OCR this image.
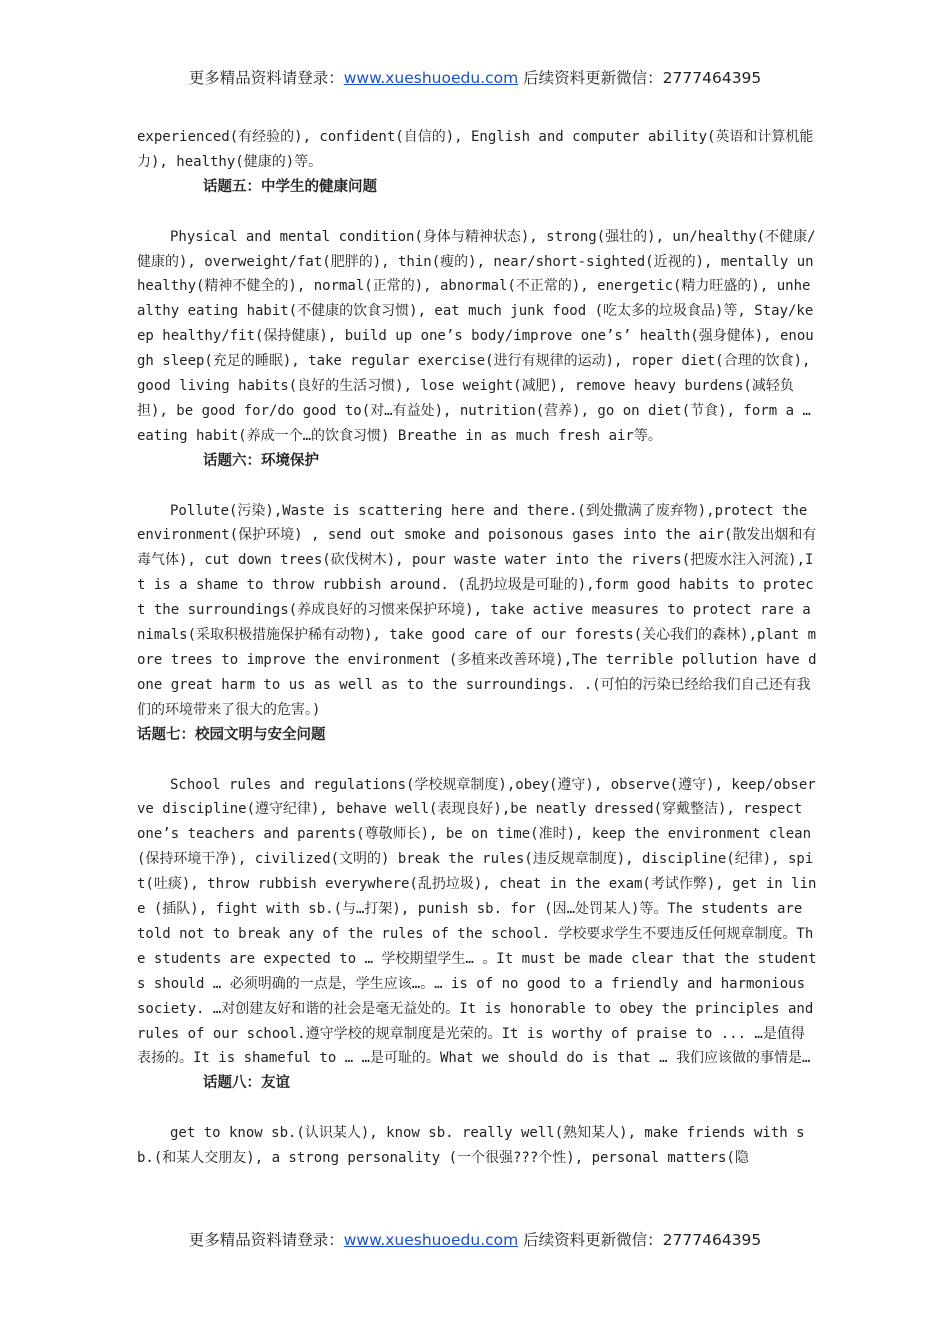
更多精品资料请登录：www.xueshuoedu.com 后续资料更新微信：2777464395

experienced(有经验的), confident(自信的), English and computer ability(英语和计算机能力), healthy(健康的)等。

话题五：中学生的健康问题

Physical and mental condition(身体与精神状态), strong(强壮的), un/healthy(不健康/健康的), overweight/fat(肥胖的), thin(瘦的), near/short-sighted(近视的), mentally unhealthy(精神不健全的), normal(正常的), abnormal(不正常的), energetic(精力旺盛的), unhealthy eating habit(不健康的饮食习惯), eat much junk food (吃太多的垃圾食品)等, Stay/keep healthy/fit(保持健康), build up one’s body/improve one’s’ health(强身健体), enough sleep(充足的睡眠), take regular exercise(进行有规律的运动), roper diet(合理的饮食), good living habits(良好的生活习惯), lose weight(减肥), remove heavy burdens(减轻负担), be good for/do good to(对…有益处), nutrition(营养), go on diet(节食), form a … eating habit(养成一个…的饮食习惯) Breathe in as much fresh air等。

话题六：环境保护

Pollute(污染),Waste is scattering here and there.(到处撒满了废弃物),protect the environment(保护环境) , send out smoke and poisonous gases into the air(散发出烟和有毒气体), cut down trees(砍伐树木), pour waste water into the rivers(把废水注入河流),It is a shame to throw rubbish around. (乱扔垃圾是可耻的),form good habits to protect the surroundings(养成良好的习惯来保护环境), take active measures to protect rare animals(采取积极措施保护稀有动物), take good care of our forests(关心我们的森林),plant more trees to improve the environment (多植来改善环境),The terrible pollution have done great harm to us as well as to the surroundings. .(可怕的污染已经给我们自己还有我们的环境带来了很大的危害。)

话题七：校园文明与安全问题

School rules and regulations(学校规章制度),obey(遵守), observe(遵守), keep/observe discipline(遵守纪律), behave well(表现良好),be neatly dressed(穿戴整洁), respect one’s teachers and parents(尊敬师长), be on time(准时), keep the environment clean(保持环境干净), civilized(文明的) break the rules(违反规章制度), discipline(纪律), spit(吐痰), throw rubbish everywhere(乱扔垃圾), cheat in the exam(考试作弊), get in line (插队), fight with sb.(与…打架), punish sb. for (因…处罚某人)等。The students are told not to break any of the rules of the school. 学校要求学生不要违反任何规章制度。The students are expected to … 学校期望学生… 。It must be made clear that the students should … 必须明确的一点是，学生应该…。… is of no good to a friendly and harmonious society. …对创建友好和谐的社会是毫无益处的。It is honorable to obey the principles and rules of our school.遵守学校的规章制度是光荣的。It is worthy of praise to ... …是值得表扬的。It is shameful to … …是可耻的。What we should do is that … 我们应该做的事情是…

话题八：友谊

get to know sb.(认识某人), know sb. really well(熟知某人), make friends with sb.(和某人交朋友), a strong personality (一个很强???个性), personal matters(隐

更多精品资料请登录：www.xueshuoedu.com 后续资料更新微信：2777464395
